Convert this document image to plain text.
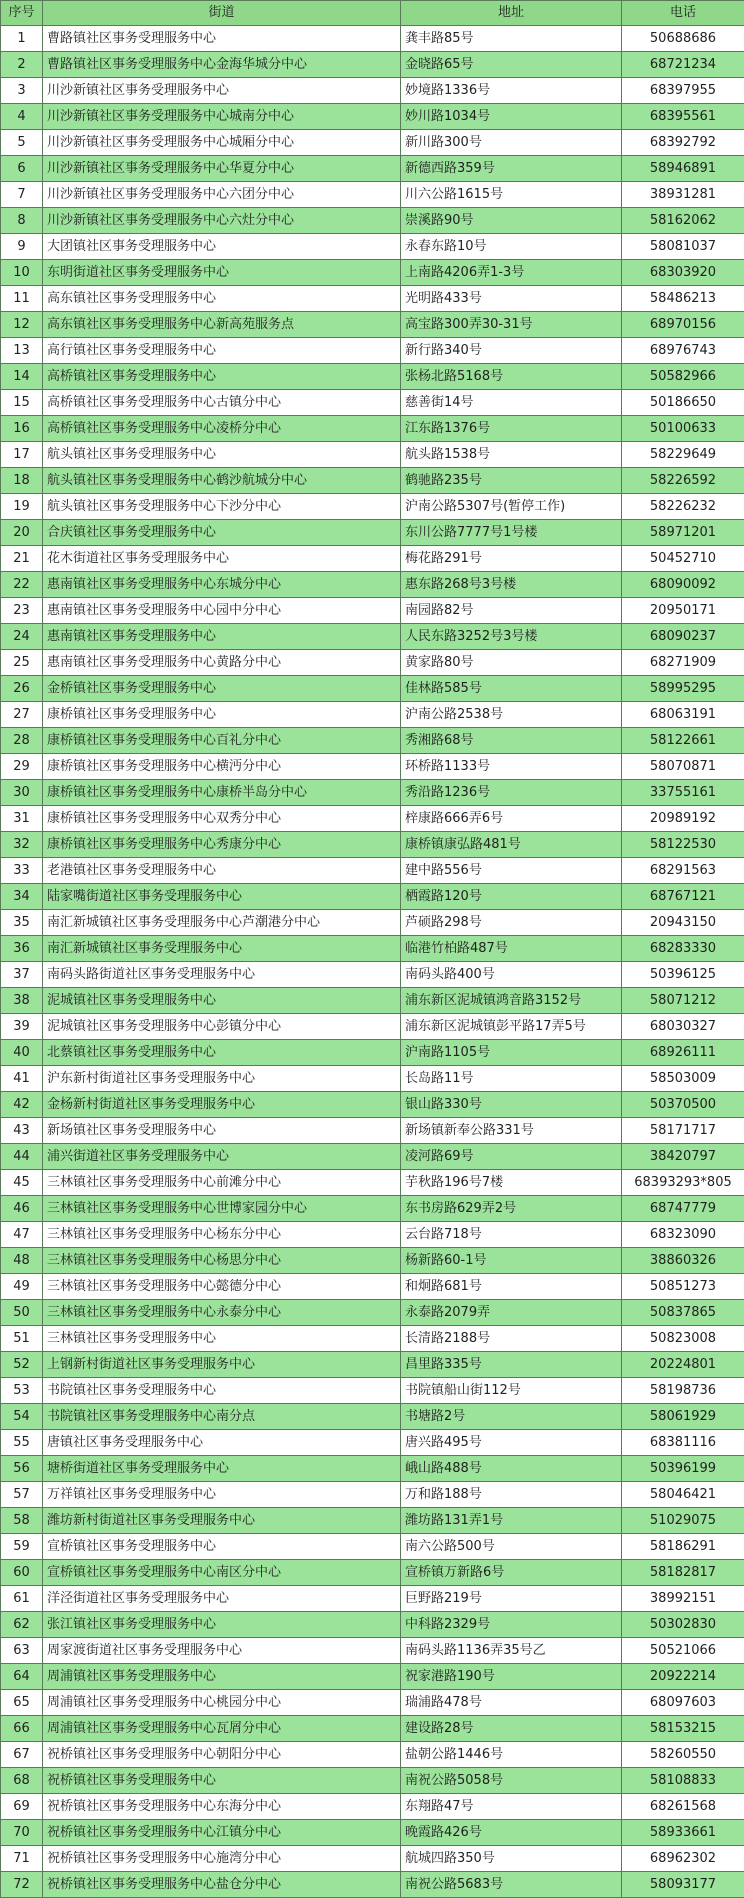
序号	街道	地址	电话
1	曹路镇社区事务受理服务中心	龚丰路85号	50688686
2	曹路镇社区事务受理服务中心金海华城分中心	金晓路65号	68721234
3	川沙新镇社区事务受理服务中心	妙境路1336号	68397955
4	川沙新镇社区事务受理服务中心城南分中心	妙川路1034号	68395561
5	川沙新镇社区事务受理服务中心城厢分中心	新川路300号	68392792
6	川沙新镇社区事务受理服务中心华夏分中心	新德西路359号	58946891
7	川沙新镇社区事务受理服务中心六团分中心	川六公路1615号	38931281
8	川沙新镇社区事务受理服务中心六灶分中心	崇溪路90号	58162062
9	大团镇社区事务受理服务中心	永春东路10号	58081037
10	东明街道社区事务受理服务中心	上南路4206弄1-3号	68303920
11	高东镇社区事务受理服务中心	光明路433号	58486213
12	高东镇社区事务受理服务中心新高苑服务点	高宝路300弄30-31号	68970156
13	高行镇社区事务受理服务中心	新行路340号	68976743
14	高桥镇社区事务受理服务中心	张杨北路5168号	50582966
15	高桥镇社区事务受理服务中心古镇分中心	慈善街14号	50186650
16	高桥镇社区事务受理服务中心凌桥分中心	江东路1376号	50100633
17	航头镇社区事务受理服务中心	航头路1538号	58229649
18	航头镇社区事务受理服务中心鹤沙航城分中心	鹤驰路235号	58226592
19	航头镇社区事务受理服务中心下沙分中心	沪南公路5307号(暂停工作)	58226232
20	合庆镇社区事务受理服务中心	东川公路7777号1号楼	58971201
21	花木街道社区事务受理服务中心	梅花路291号	50452710
22	惠南镇社区事务受理服务中心东城分中心	惠东路268号3号楼	68090092
23	惠南镇社区事务受理服务中心园中分中心	南园路82号	20950171
24	惠南镇社区事务受理服务中心	人民东路3252号3号楼	68090237
25	惠南镇社区事务受理服务中心黄路分中心	黄家路80号	68271909
26	金桥镇社区事务受理服务中心	佳林路585号	58995295
27	康桥镇社区事务受理服务中心	沪南公路2538号	68063191
28	康桥镇社区事务受理服务中心百礼分中心	秀湘路68号	58122661
29	康桥镇社区事务受理服务中心横沔分中心	环桥路1133号	58070871
30	康桥镇社区事务受理服务中心康桥半岛分中心	秀沿路1236号	33755161
31	康桥镇社区事务受理服务中心双秀分中心	梓康路666弄6号	20989192
32	康桥镇社区事务受理服务中心秀康分中心	康桥镇康弘路481号	58122530
33	老港镇社区事务受理服务中心	建中路556号	68291563
34	陆家嘴街道社区事务受理服务中心	栖霞路120号	68767121
35	南汇新城镇社区事务受理服务中心芦潮港分中心	芦硕路298号	20943150
36	南汇新城镇社区事务受理服务中心	临港竹柏路487号	68283330
37	南码头路街道社区事务受理服务中心	南码头路400号	50396125
38	泥城镇社区事务受理服务中心	浦东新区泥城镇鸿音路3152号	58071212
39	泥城镇社区事务受理服务中心彭镇分中心	浦东新区泥城镇彭平路17弄5号	68030327
40	北蔡镇社区事务受理服务中心	沪南路1105号	68926111
41	沪东新村街道社区事务受理服务中心	长岛路11号	58503009
42	金杨新村街道社区事务受理服务中心	银山路330号	50370500
43	新场镇社区事务受理服务中心	新场镇新奉公路331号	58171717
44	浦兴街道社区事务受理服务中心	凌河路69号	38420797
45	三林镇社区事务受理服务中心前滩分中心	芋秋路196号7楼	68393293*805
46	三林镇社区事务受理服务中心世博家园分中心	东书房路629弄2号	68747779
47	三林镇社区事务受理服务中心杨东分中心	云台路718号	68323090
48	三林镇社区事务受理服务中心杨思分中心	杨新路60-1号	38860326
49	三林镇社区事务受理服务中心懿德分中心	和炯路681号	50851273
50	三林镇社区事务受理服务中心永泰分中心	永泰路2079弄	50837865
51	三林镇社区事务受理服务中心	长清路2188号	50823008
52	上钢新村街道社区事务受理服务中心	昌里路335号	20224801
53	书院镇社区事务受理服务中心	书院镇船山街112号	58198736
54	书院镇社区事务受理服务中心南分点	书塘路2号	58061929
55	唐镇社区事务受理服务中心	唐兴路495号	68381116
56	塘桥街道社区事务受理服务中心	峨山路488号	50396199
57	万祥镇社区事务受理服务中心	万和路188号	58046421
58	潍坊新村街道社区事务受理服务中心	潍坊路131弄1号	51029075
59	宣桥镇社区事务受理服务中心	南六公路500号	58186291
60	宣桥镇社区事务受理服务中心南区分中心	宣桥镇万新路6号	58182817
61	洋泾街道社区事务受理服务中心	巨野路219号	38992151
62	张江镇社区事务受理服务中心	中科路2329号	50302830
63	周家渡街道社区事务受理服务中心	南码头路1136弄35号乙	50521066
64	周浦镇社区事务受理服务中心	祝家港路190号	20922214
65	周浦镇社区事务受理服务中心桃园分中心	瑞浦路478号	68097603
66	周浦镇社区事务受理服务中心瓦屑分中心	建设路28号	58153215
67	祝桥镇社区事务受理服务中心朝阳分中心	盐朝公路1446号	58260550
68	祝桥镇社区事务受理服务中心	南祝公路5058号	58108833
69	祝桥镇社区事务受理服务中心东海分中心	东翔路47号	68261568
70	祝桥镇社区事务受理服务中心江镇分中心	晚霞路426号	58933661
71	祝桥镇社区事务受理服务中心施湾分中心	航城四路350号	68962302
72	祝桥镇社区事务受理服务中心盐仓分中心	南祝公路5683号	58093177
